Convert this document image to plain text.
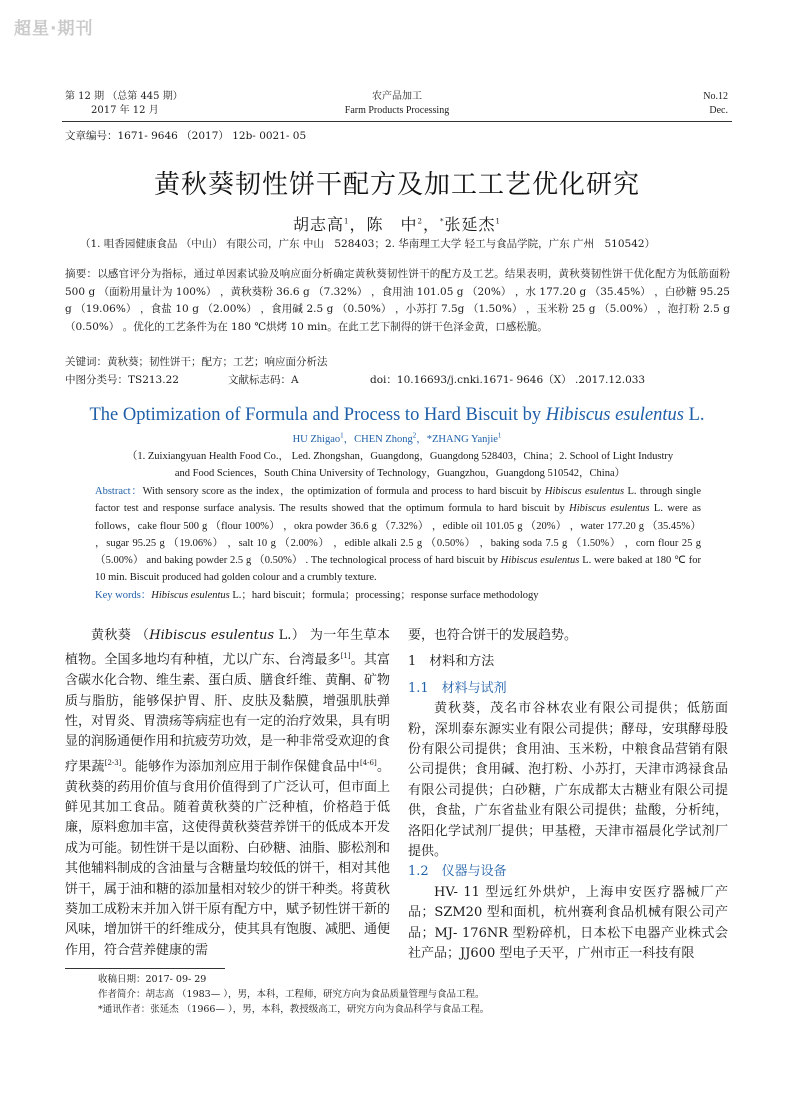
超星·期刊
第 12 期 （总第 445 期）
2017 年 12 月
农产品加工
Farm Products Processing
No.12
Dec.
文章编号：1671- 9646 （2017） 12b- 0021- 05
黄秋葵韧性饼干配方及加工工艺优化研究
胡志高$^1$，陈　中$^2$，*张延杰$^1$
（1. 咀香园健康食品 （中山） 有限公司，广东 中山　528403；2. 华南理工大学 轻工与食品学院，广东 广州　510542）
摘要：以感官评分为指标，通过单因素试验及响应面分析确定黄秋葵韧性饼干的配方及工艺。结果表明，黄秋葵韧性饼干优化配方为低筋面粉 500 g （面粉用量计为 100%） ，黄秋葵粉 36.6 g （7.32%） ，食用油 101.05 g （20%） ，水 177.20 g （35.45%） ，白砂糖 95.25 g （19.06%） ，食盐 10 g （2.00%） ，食用碱 2.5 g （0.50%） ，小苏打 7.5g （1.50%） ，玉米粉 25 g （5.00%） ，泡打粉 2.5 g （0.50%） 。优化的工艺条件为在 180 ℃烘烤 10 min。在此工艺下制得的饼干色泽金黄，口感松脆。
关键词：黄秋葵；韧性饼干；配方；工艺；响应面分析法
中图分类号：TS213.22	文献标志码：A	doi：10.16693/j.cnki.1671- 9646（X） .2017.12.033
The Optimization of Formula and Process to Hard Biscuit by Hibiscus esulentus L.
HU Zhigao$^1$，CHEN Zhong$^2$，*ZHANG Yanjie$^1$
（1. Zuixiangyuan Health Food Co.， Led. Zhongshan，Guangdong，Guangdong 528403，China；2. School of Light Industry
and Food Sciences，South China University of Technology，Guangzhou，Guangdong 510542，China）
Abstract：With sensory score as the index，the optimization of formula and process to hard biscuit by Hibiscus esulentus L. through single factor test and response surface analysis. The results showed that the optimum formula to hard biscuit by Hibiscus esulentus L. were as follows，cake flour 500 g （flour 100%） ，okra powder 36.6 g （7.32%） ，edible oil 101.05 g （20%） ，water 177.20 g （35.45%） ，sugar 95.25 g （19.06%） ，salt 10 g （2.00%） ，edible alkali 2.5 g （0.50%） ，baking soda 7.5 g （1.50%） ，corn flour 25 g （5.00%） and baking powder 2.5 g （0.50%） . The technological process of hard biscuit by Hibiscus esulentus L. were baked at 180 ℃ for 10 min. Biscuit produced had golden colour and a crumbly texture.
Key words：Hibiscus esulentus L.；hard biscuit；formula；processing；response surface methodology

黄秋葵 （Hibiscus esulentus L.） 为一年生草本植物。全国多地均有种植，尤以广东、台湾最多[1]。其富含碳水化合物、维生素、蛋白质、膳食纤维、黄酮、矿物质与脂肪，能够保护胃、肝、皮肤及黏膜，增强肌肤弹性，对胃炎、胃溃疡等病症也有一定的治疗效果，具有明显的润肠通便作用和抗疲劳功效，是一种非常受欢迎的食疗果蔬[2-3]。能够作为添加剂应用于制作保健食品中[4-6]。黄秋葵的药用价值与食用价值得到了广泛认可，但市面上鲜见其加工食品。随着黄秋葵的广泛种植，价格趋于低廉，原料愈加丰富，这使得黄秋葵营养饼干的低成本开发成为可能。韧性饼干是以面粉、白砂糖、油脂、膨松剂和其他辅料制成的含油量与含糖量均较低的饼干，相对其他饼干，属于油和糖的添加量相对较少的饼干种类。将黄秋葵加工成粉末并加入饼干原有配方中，赋予韧性饼干新的风味，增加饼干的纤维成分，使其具有饱腹、减肥、通便作用，符合营养健康的需

要，也符合饼干的发展趋势。

1　材料和方法

1.1　材料与试剂

黄秋葵，茂名市谷林农业有限公司提供；低筋面粉，深圳泰东源实业有限公司提供；酵母，安琪酵母股份有限公司提供；食用油、玉米粉，中粮食品营销有限公司提供；食用碱、泡打粉、小苏打，天津市鸿禄食品有限公司提供；白砂糖，广东成都太古糖业有限公司提供，食盐，广东省盐业有限公司提供；盐酸，分析纯，洛阳化学试剂厂提供；甲基橙，天津市福晨化学试剂厂提供。

1.2　仪器与设备

HV- 11 型远红外烘炉，上海申安医疗器械厂产品；SZM20 型和面机，杭州赛利食品机械有限公司产品；MJ- 176NR 型粉碎机，日本松下电器产业株式会社产品；JJ600 型电子天平，广州市正一科技有限

收稿日期：2017- 09- 29
作者简介：胡志高 （1983— ），男，本科，工程师，研究方向为食品质量管理与食品工程。
*通讯作者：张延杰 （1966— ），男，本科，教授级高工，研究方向为食品科学与食品工程。
